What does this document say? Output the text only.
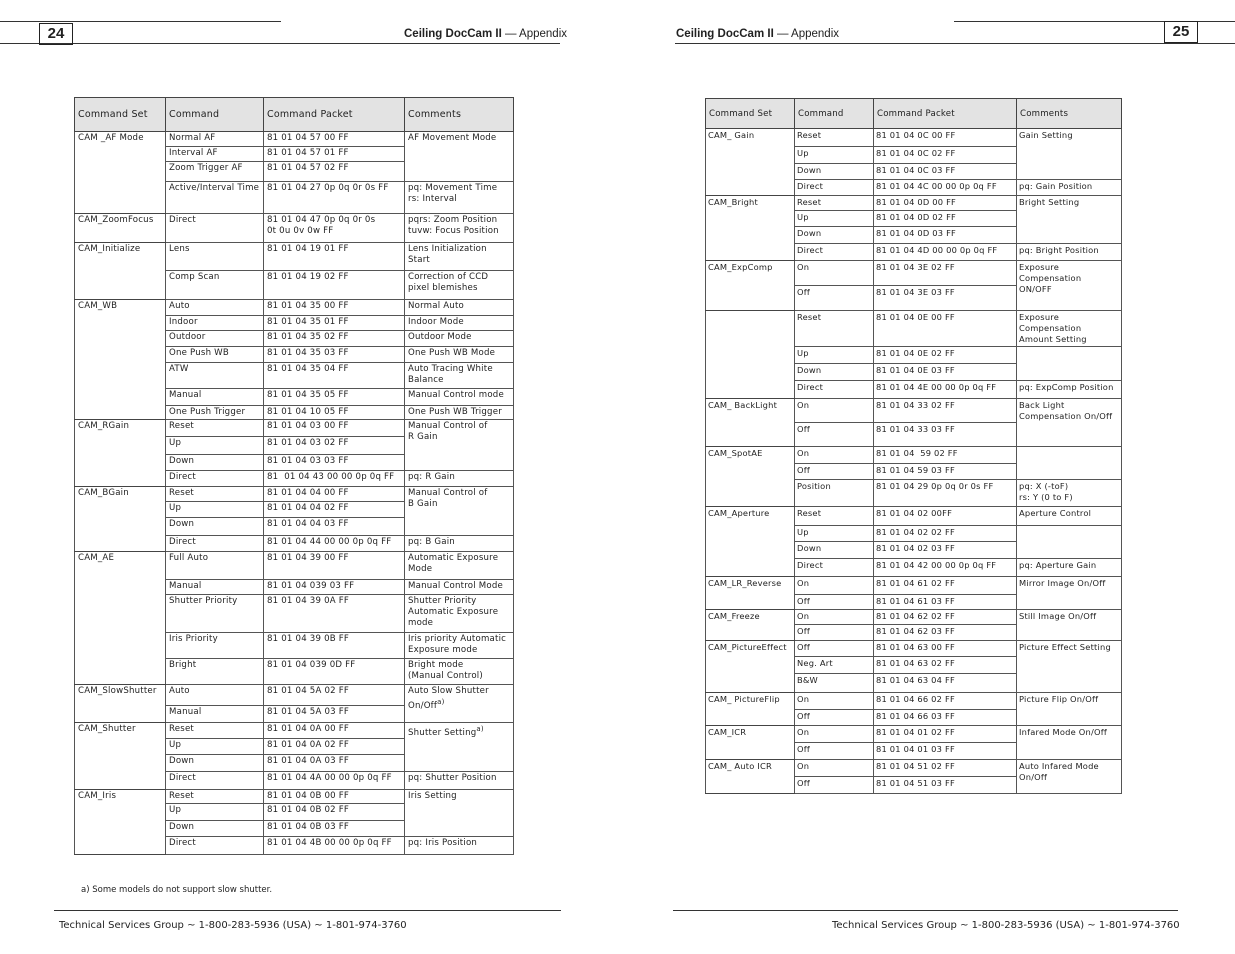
24	Ceiling DocCam II — Appendix	25
Ceiling DocCam II — Appendix
Command Set	Command	Command Packet	Comments
CAM _AF Mode	Normal AF	81 01 04 57 00 FF	AF Movement Mode
	Interval AF	81 01 04 57 01 FF	
	Zoom Trigger AF	81 01 04 57 02 FF	
	Active/Interval Time	81 01 04 27 0p 0q 0r 0s FF	pq: Movement Time
rs: Interval
CAM_ZoomFocus	Direct	81 01 04 47 0p 0q 0r 0s
0t 0u 0v 0w FF	pqrs: Zoom Position
tuvw: Focus Position
CAM_Initialize	Lens	81 01 04 19 01 FF	Lens Initialization
Start
	Comp Scan	81 01 04 19 02 FF	Correction of CCD
pixel blemishes
CAM_WB	Auto	81 01 04 35 00 FF	Normal Auto
	Indoor	81 01 04 35 01 FF	Indoor Mode
	Outdoor	81 01 04 35 02 FF	Outdoor Mode
	One Push WB	81 01 04 35 03 FF	One Push WB Mode
	ATW	81 01 04 35 04 FF	Auto Tracing White
Balance
	Manual	81 01 04 35 05 FF	Manual Control mode
	One Push Trigger	81 01 04 10 05 FF	One Push WB Trigger
CAM_RGain	Reset	81 01 04 03 00 FF	Manual Control of
R Gain
	Up	81 01 04 03 02 FF	
	Down	81 01 04 03 03 FF	
	Direct	81  01 04 43 00 00 0p 0q FF	pq: R Gain
CAM_BGain	Reset	81 01 04 04 00 FF	Manual Control of
B Gain
	Up	81 01 04 04 02 FF	
	Down	81 01 04 04 03 FF	
	Direct	81 01 04 44 00 00 0p 0q FF	pq: B Gain
CAM_AE	Full Auto	81 01 04 39 00 FF	Automatic Exposure
Mode
	Manual	81 01 04 039 03 FF	Manual Control Mode
	Shutter Priority	81 01 04 39 0A FF	Shutter Priority
Automatic Exposure
mode
	Iris Priority	81 01 04 39 0B FF	Iris priority Automatic
Exposure mode
	Bright	81 01 04 039 0D FF	Bright mode
(Manual Control)
CAM_SlowShutter	Auto	81 01 04 5A 02 FF	Auto Slow Shutter
On/Off$^{a)}$
	Manual	81 01 04 5A 03 FF	
CAM_Shutter	Reset	81 01 04 0A 00 FF	Shutter Setting$^{a)}$
	Up	81 01 04 0A 02 FF	
	Down	81 01 04 0A 03 FF	
	Direct	81 01 04 4A 00 00 0p 0q FF	pq: Shutter Position
CAM_Iris	Reset	81 01 04 0B 00 FF	Iris Setting
	Up	81 01 04 0B 02 FF	
	Down	81 01 04 0B 03 FF	
	Direct	81 01 04 4B 00 00 0p 0q FF	pq: Iris Position
Command Set	Command	Command Packet	Comments
CAM_ Gain	Reset	81 01 04 0C 00 FF	Gain Setting
	Up	81 01 04 0C 02 FF	
	Down	81 01 04 0C 03 FF	
	Direct	81 01 04 4C 00 00 0p 0q FF	pq: Gain Position
CAM_Bright	Reset	81 01 04 0D 00 FF	Bright Setting
	Up	81 01 04 0D 02 FF	
	Down	81 01 04 0D 03 FF	
	Direct	81 01 04 4D 00 00 0p 0q FF	pq: Bright Position
CAM_ExpComp	On	81 01 04 3E 02 FF	Exposure
Compensation
ON/OFF
	Off	81 01 04 3E 03 FF	
	Reset	81 01 04 0E 00 FF	Exposure
Compensation
Amount Setting
	Up	81 01 04 0E 02 FF	
	Down	81 01 04 0E 03 FF	
	Direct	81 01 04 4E 00 00 0p 0q FF	pq: ExpComp Position
CAM_ BackLight	On	81 01 04 33 02 FF	Back Light
Compensation On/Off
	Off	81 01 04 33 03 FF	
CAM_SpotAE	On	81 01 04  59 02 FF	
	Off	81 01 04 59 03 FF	
	Position	81 01 04 29 0p 0q 0r 0s FF	pq: X (-toF)
rs: Y (0 to F)
CAM_Aperture	Reset	81 01 04 02 00FF	Aperture Control
	Up	81 01 04 02 02 FF	
	Down	81 01 04 02 03 FF	
	Direct	81 01 04 42 00 00 0p 0q FF	pq: Aperture Gain
CAM_LR_Reverse	On	81 01 04 61 02 FF	Mirror Image On/Off
	Off	81 01 04 61 03 FF	
CAM_Freeze	On	81 01 04 62 02 FF	Still Image On/Off
	Off	81 01 04 62 03 FF	
CAM_PictureEffect	Off	81 01 04 63 00 FF	Picture Effect Setting
	Neg. Art	81 01 04 63 02 FF	
	B&W	81 01 04 63 04 FF	
CAM_ PictureFlip	On	81 01 04 66 02 FF	Picture Flip On/Off
	Off	81 01 04 66 03 FF	
CAM_ICR	On	81 01 04 01 02 FF	Infared Mode On/Off
	Off	81 01 04 01 03 FF	
CAM_ Auto ICR	On	81 01 04 51 02 FF	Auto Infared Mode
On/Off
	Off	81 01 04 51 03 FF	
a) Some models do not support slow shutter.
Technical Services Group ~ 1-800-283-5936 (USA) ~ 1-801-974-3760	Technical Services Group ~ 1-800-283-5936 (USA) ~ 1-801-974-3760
